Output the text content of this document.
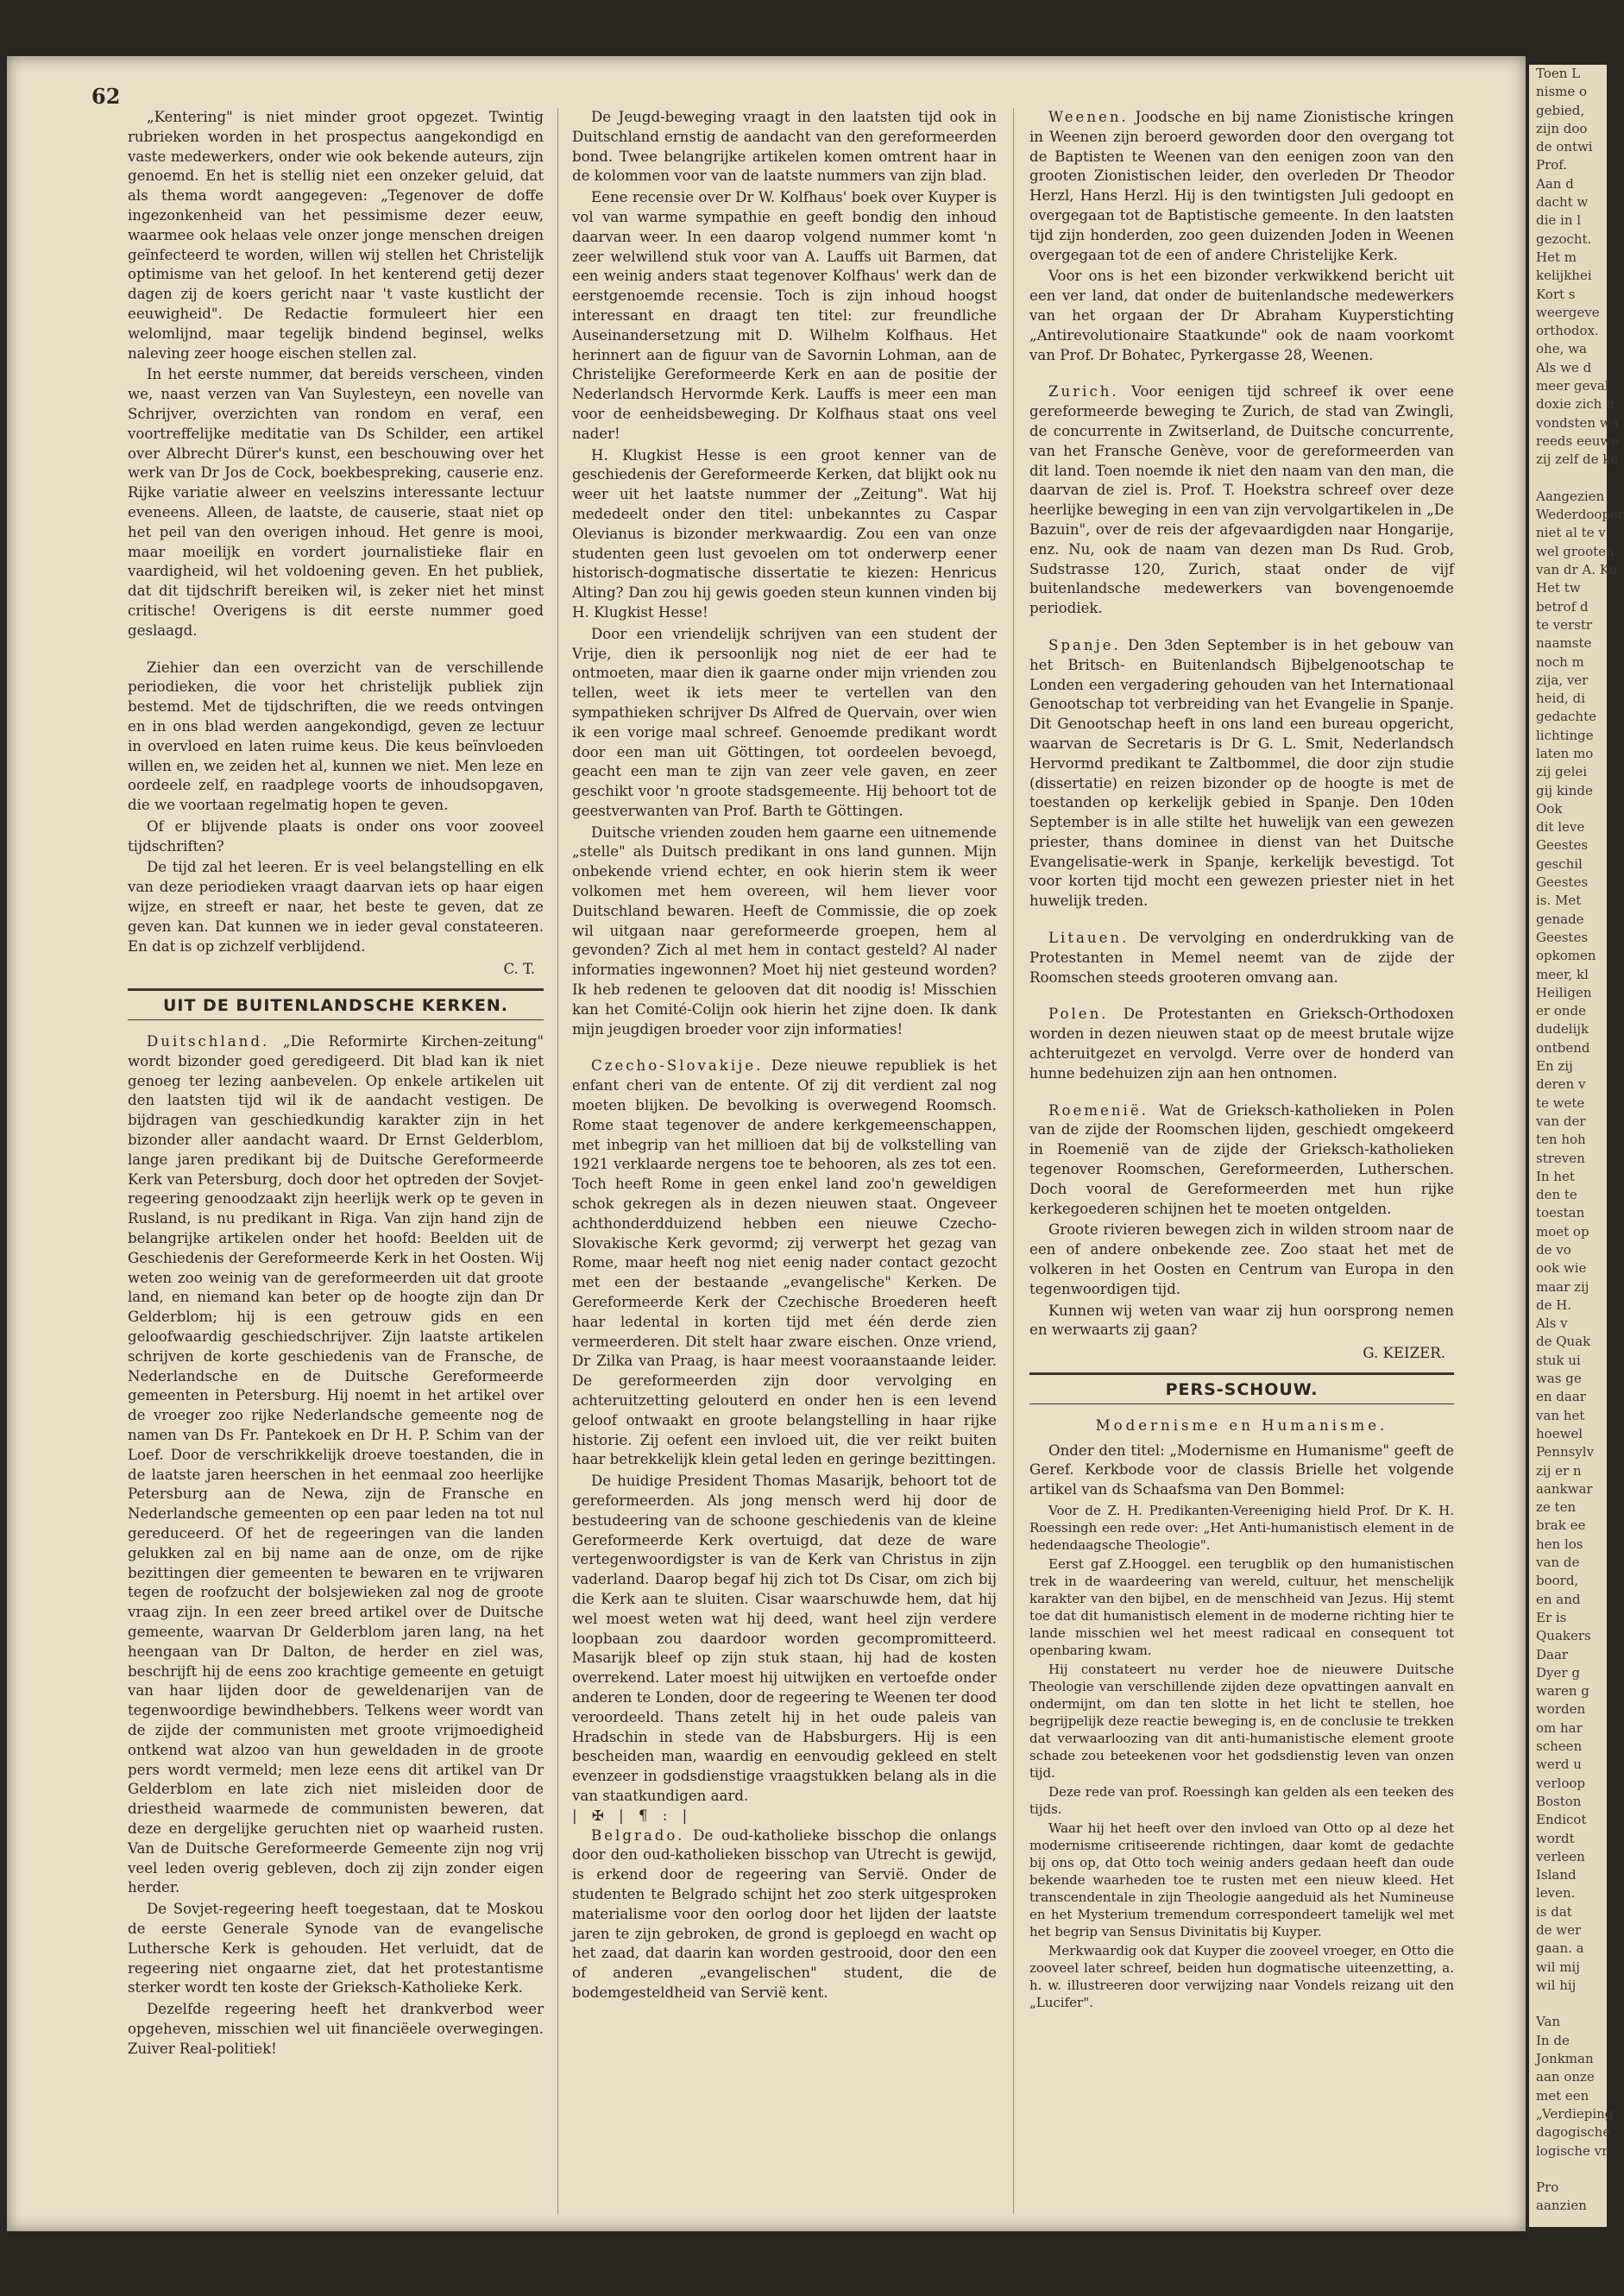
62

„Kentering" is niet minder groot opgezet. Twintig rubrieken worden in het prospectus aangekondigd en vaste medewerkers, onder wie ook bekende auteurs, zijn genoemd. En het is stellig niet een onzeker geluid, dat als thema wordt aangegeven: „Tegenover de doffe ingezonkenheid van het pessimisme dezer eeuw, waarmee ook helaas vele onzer jonge menschen dreigen geïnfecteerd te worden, willen wij stellen het Christelijk optimisme van het geloof. In het kenterend getij dezer dagen zij de koers gericht naar 't vaste kustlicht der eeuwigheid". De Redactie formuleert hier een welomlijnd, maar tegelijk bindend beginsel, welks naleving zeer hooge eischen stellen zal.

In het eerste nummer, dat bereids verscheen, vinden we, naast verzen van Van Suylesteyn, een novelle van Schrijver, overzichten van rondom en veraf, een voortreffelijke meditatie van Ds Schilder, een artikel over Albrecht Dürer's kunst, een beschouwing over het werk van Dr Jos de Cock, boekbespreking, causerie enz. Rijke variatie alweer en veelszins interessante lectuur eveneens. Alleen, de laatste, de causerie, staat niet op het peil van den overigen inhoud. Het genre is mooi, maar moeilijk en vordert journalistieke flair en vaardigheid, wil het voldoening geven. En het publiek, dat dit tijdschrift bereiken wil, is zeker niet het minst critische! Overigens is dit eerste nummer goed geslaagd.

Ziehier dan een overzicht van de verschillende periodieken, die voor het christelijk publiek zijn bestemd. Met de tijdschriften, die we reeds ontvingen en in ons blad werden aangekondigd, geven ze lectuur in overvloed en laten ruime keus. Die keus beïnvloeden willen en, we zeiden het al, kunnen we niet. Men leze en oordeele zelf, en raadplege voorts de inhoudsopgaven, die we voortaan regelmatig hopen te geven.

Of er blijvende plaats is onder ons voor zooveel tijdschriften?

De tijd zal het leeren. Er is veel belangstelling en elk van deze periodieken vraagt daarvan iets op haar eigen wijze, en streeft er naar, het beste te geven, dat ze geven kan. Dat kunnen we in ieder geval constateeren. En dat is op zichzelf verblijdend.

C. T.
UIT DE BUITENLANDSCHE KERKEN.

Duitschland. „Die Reformirte Kirchen-zeitung" wordt bizonder goed geredigeerd. Dit blad kan ik niet genoeg ter lezing aanbevelen. Op enkele artikelen uit den laatsten tijd wil ik de aandacht vestigen. De bijdragen van geschiedkundig karakter zijn in het bizonder aller aandacht waard. Dr Ernst Gelderblom, lange jaren predikant bij de Duitsche Gereformeerde Kerk van Petersburg, doch door het optreden der Sovjet-regeering genoodzaakt zijn heerlijk werk op te geven in Rusland, is nu predikant in Riga. Van zijn hand zijn de belangrijke artikelen onder het hoofd: Beelden uit de Geschiedenis der Gereformeerde Kerk in het Oosten. Wij weten zoo weinig van de gereformeerden uit dat groote land, en niemand kan beter op de hoogte zijn dan Dr Gelderblom; hij is een getrouw gids en een geloofwaardig geschiedschrijver. Zijn laatste artikelen schrijven de korte geschiedenis van de Fransche, de Nederlandsche en de Duitsche Gereformeerde gemeenten in Petersburg. Hij noemt in het artikel over de vroeger zoo rijke Nederlandsche gemeente nog de namen van Ds Fr. Pantekoek en Dr H. P. Schim van der Loef. Door de verschrikkelijk droeve toestanden, die in de laatste jaren heerschen in het eenmaal zoo heerlijke Petersburg aan de Newa, zijn de Fransche en Nederlandsche gemeenten op een paar leden na tot nul gereduceerd. Of het de regeeringen van die landen gelukken zal en bij name aan de onze, om de rijke bezittingen dier gemeenten te bewaren en te vrijwaren tegen de roofzucht der bolsjewieken zal nog de groote vraag zijn. In een zeer breed artikel over de Duitsche gemeente, waarvan Dr Gelderblom jaren lang, na het heengaan van Dr Dalton, de herder en ziel was, beschrijft hij de eens zoo krachtige gemeente en getuigt van haar lijden door de geweldenarijen van de tegenwoordige bewindhebbers. Telkens weer wordt van de zijde der communisten met groote vrijmoedigheid ontkend wat alzoo van hun geweldaden in de groote pers wordt vermeld; men leze eens dit artikel van Dr Gelderblom en late zich niet misleiden door de driestheid waarmede de communisten beweren, dat deze en dergelijke geruchten niet op waarheid rusten. Van de Duitsche Gereformeerde Gemeente zijn nog vrij veel leden overig gebleven, doch zij zijn zonder eigen herder.

De Sovjet-regeering heeft toegestaan, dat te Moskou de eerste Generale Synode van de evangelische Luthersche Kerk is gehouden. Het verluidt, dat de regeering niet ongaarne ziet, dat het protestantisme sterker wordt ten koste der Grieksch-Katholieke Kerk.

Dezelfde regeering heeft het drankverbod weer opgeheven, misschien wel uit financiëele overwegingen. Zuiver Real-politiek!

De Jeugd-beweging vraagt in den laatsten tijd ook in Duitschland ernstig de aandacht van den gereformeerden bond. Twee belangrijke artikelen komen omtrent haar in de kolommen voor van de laatste nummers van zijn blad.

Eene recensie over Dr W. Kolfhaus' boek over Kuyper is vol van warme sympathie en geeft bondig den inhoud daarvan weer. In een daarop volgend nummer komt 'n zeer welwillend stuk voor van A. Lauffs uit Barmen, dat een weinig anders staat tegenover Kolfhaus' werk dan de eerstgenoemde recensie. Toch is zijn inhoud hoogst interessant en draagt ten titel: zur freundliche Auseinandersetzung mit D. Wilhelm Kolfhaus. Het herinnert aan de figuur van de Savornin Lohman, aan de Christelijke Gereformeerde Kerk en aan de positie der Nederlandsch Hervormde Kerk. Lauffs is meer een man voor de eenheidsbeweging. Dr Kolfhaus staat ons veel nader!

H. Klugkist Hesse is een groot kenner van de geschiedenis der Gereformeerde Kerken, dat blijkt ook nu weer uit het laatste nummer der „Zeitung". Wat hij mededeelt onder den titel: unbekanntes zu Caspar Olevianus is bizonder merkwaardig. Zou een van onze studenten geen lust gevoelen om tot onderwerp eener historisch-dogmatische dissertatie te kiezen: Henricus Alting? Dan zou hij gewis goeden steun kunnen vinden bij H. Klugkist Hesse!

Door een vriendelijk schrijven van een student der Vrije, dien ik persoonlijk nog niet de eer had te ontmoeten, maar dien ik gaarne onder mijn vrienden zou tellen, weet ik iets meer te vertellen van den sympathieken schrijver Ds Alfred de Quervain, over wien ik een vorige maal schreef. Genoemde predikant wordt door een man uit Göttingen, tot oordeelen bevoegd, geacht een man te zijn van zeer vele gaven, en zeer geschikt voor 'n groote stadsgemeente. Hij behoort tot de geestverwanten van Prof. Barth te Göttingen.

Duitsche vrienden zouden hem gaarne een uitnemende „stelle" als Duitsch predikant in ons land gunnen. Mijn onbekende vriend echter, en ook hierin stem ik weer volkomen met hem overeen, wil hem liever voor Duitschland bewaren. Heeft de Commissie, die op zoek wil uitgaan naar gereformeerde groepen, hem al gevonden? Zich al met hem in contact gesteld? Al nader informaties ingewonnen? Moet hij niet gesteund worden? Ik heb redenen te gelooven dat dit noodig is! Misschien kan het Comité-Colijn ook hierin het zijne doen. Ik dank mijn jeugdigen broeder voor zijn informaties!

Czecho-Slovakije. Deze nieuwe republiek is het enfant cheri van de entente. Of zij dit verdient zal nog moeten blijken. De bevolking is overwegend Roomsch. Rome staat tegenover de andere kerkgemeenschappen, met inbegrip van het millioen dat bij de volkstelling van 1921 verklaarde nergens toe te behooren, als zes tot een. Toch heeft Rome in geen enkel land zoo'n geweldigen schok gekregen als in dezen nieuwen staat. Ongeveer achthonderdduizend hebben een nieuwe Czecho-Slovakische Kerk gevormd; zij verwerpt het gezag van Rome, maar heeft nog niet eenig nader contact gezocht met een der bestaande „evangelische" Kerken. De Gereformeerde Kerk der Czechische Broederen heeft haar ledental in korten tijd met één derde zien vermeerderen. Dit stelt haar zware eischen. Onze vriend, Dr Zilka van Praag, is haar meest vooraanstaande leider. De gereformeerden zijn door vervolging en achteruitzetting gelouterd en onder hen is een levend geloof ontwaakt en groote belangstelling in haar rijke historie. Zij oefent een invloed uit, die ver reikt buiten haar betrekkelijk klein getal leden en geringe bezittingen.

De huidige President Thomas Masarijk, behoort tot de gereformeerden. Als jong mensch werd hij door de bestudeering van de schoone geschiedenis van de kleine Gereformeerde Kerk overtuigd, dat deze de ware vertegenwoordigster is van de Kerk van Christus in zijn vaderland. Daarop begaf hij zich tot Ds Cisar, om zich bij die Kerk aan te sluiten. Cisar waarschuwde hem, dat hij wel moest weten wat hij deed, want heel zijn verdere loopbaan zou daardoor worden gecompromitteerd. Masarijk bleef op zijn stuk staan, hij had de kosten overrekend. Later moest hij uitwijken en vertoefde onder anderen te Londen, door de regeering te Weenen ter dood veroordeeld. Thans zetelt hij in het oude paleis van Hradschin in stede van de Habsburgers. Hij is een bescheiden man, waardig en eenvoudig gekleed en stelt evenzeer in godsdienstige vraagstukken belang als in die van staatkundigen aard.

| ✠ | ¶ : |

Belgrado. De oud-katholieke bisschop die onlangs door den oud-katholieken bisschop van Utrecht is gewijd, is erkend door de regeering van Servië. Onder de studenten te Belgrado schijnt het zoo sterk uitgesproken materialisme voor den oorlog door het lijden der laatste jaren te zijn gebroken, de grond is geploegd en wacht op het zaad, dat daarin kan worden gestrooid, door den een of anderen „evangelischen" student, die de bodemgesteldheid van Servië kent.

Weenen. Joodsche en bij name Zionistische kringen in Weenen zijn beroerd geworden door den overgang tot de Baptisten te Weenen van den eenigen zoon van den grooten Zionistischen leider, den overleden Dr Theodor Herzl, Hans Herzl. Hij is den twintigsten Juli gedoopt en overgegaan tot de Baptistische gemeente. In den laatsten tijd zijn honderden, zoo geen duizenden Joden in Weenen overgegaan tot de een of andere Christelijke Kerk.

Voor ons is het een bizonder verkwikkend bericht uit een ver land, dat onder de buitenlandsche medewerkers van het orgaan der Dr Abraham Kuyperstichting „Antirevolutionaire Staatkunde" ook de naam voorkomt van Prof. Dr Bohatec, Pyrkergasse 28, Weenen.

Zurich. Voor eenigen tijd schreef ik over eene gereformeerde beweging te Zurich, de stad van Zwingli, de concurrente in Zwitserland, de Duitsche concurrente, van het Fransche Genève, voor de gereformeerden van dit land. Toen noemde ik niet den naam van den man, die daarvan de ziel is. Prof. T. Hoekstra schreef over deze heerlijke beweging in een van zijn vervolgartikelen in „De Bazuin", over de reis der afgevaardigden naar Hongarije, enz. Nu, ook de naam van dezen man Ds Rud. Grob, Sudstrasse 120, Zurich, staat onder de vijf buitenlandsche medewerkers van bovengenoemde periodiek.

Spanje. Den 3den September is in het gebouw van het Britsch- en Buitenlandsch Bijbelgenootschap te Londen een vergadering gehouden van het Internationaal Genootschap tot verbreiding van het Evangelie in Spanje. Dit Genootschap heeft in ons land een bureau opgericht, waarvan de Secretaris is Dr G. L. Smit, Nederlandsch Hervormd predikant te Zaltbommel, die door zijn studie (dissertatie) en reizen bizonder op de hoogte is met de toestanden op kerkelijk gebied in Spanje. Den 10den September is in alle stilte het huwelijk van een gewezen priester, thans dominee in dienst van het Duitsche Evangelisatie-werk in Spanje, kerkelijk bevestigd. Tot voor korten tijd mocht een gewezen priester niet in het huwelijk treden.

Litauen. De vervolging en onderdrukking van de Protestanten in Memel neemt van de zijde der Roomschen steeds grooteren omvang aan.

Polen. De Protestanten en Grieksch-Orthodoxen worden in dezen nieuwen staat op de meest brutale wijze achteruitgezet en vervolgd. Verre over de honderd van hunne bedehuizen zijn aan hen ontnomen.

Roemenië. Wat de Grieksch-katholieken in Polen van de zijde der Roomschen lijden, geschiedt omgekeerd in Roemenië van de zijde der Grieksch-katholieken tegenover Roomschen, Gereformeerden, Lutherschen. Doch vooral de Gereformeerden met hun rijke kerkegoederen schijnen het te moeten ontgelden.

Groote rivieren bewegen zich in wilden stroom naar de een of andere onbekende zee. Zoo staat het met de volkeren in het Oosten en Centrum van Europa in den tegenwoordigen tijd.

Kunnen wij weten van waar zij hun oorsprong nemen en werwaarts zij gaan?

G. KEIZER.
PERS-SCHOUW.
Modernisme en Humanisme.

Onder den titel: „Modernisme en Humanisme" geeft de Geref. Kerkbode voor de classis Brielle het volgende artikel van ds Schaafsma van Den Bommel:

Voor de Z. H. Predikanten-Vereeniging hield Prof. Dr K. H. Roessingh een rede over: „Het Anti-humanistisch element in de hedendaagsche Theologie".

Eerst gaf Z.Hooggel. een terugblik op den humanistischen trek in de waardeering van wereld, cultuur, het menschelijk karakter van den bijbel, en de menschheid van Jezus. Hij stemt toe dat dit humanistisch element in de moderne richting hier te lande misschien wel het meest radicaal en consequent tot openbaring kwam.

Hij constateert nu verder hoe de nieuwere Duitsche Theologie van verschillende zijden deze opvattingen aanvalt en ondermijnt, om dan ten slotte in het licht te stellen, hoe begrijpelijk deze reactie beweging is, en de conclusie te trekken dat verwaarloozing van dit anti-humanistische element groote schade zou beteekenen voor het godsdienstig leven van onzen tijd.

Deze rede van prof. Roessingh kan gelden als een teeken des tijds.

Waar hij het heeft over den invloed van Otto op al deze het modernisme critiseerende richtingen, daar komt de gedachte bij ons op, dat Otto toch weinig anders gedaan heeft dan oude bekende waarheden toe te rusten met een nieuw kleed. Het transcendentale in zijn Theologie aangeduid als het Numineuse en het Mysterium tremendum correspondeert tamelijk wel met het begrip van Sensus Divinitatis bij Kuyper.

Merkwaardig ook dat Kuyper die zooveel vroeger, en Otto die zooveel later schreef, beiden hun dogmatische uiteenzetting, a. h. w. illustreeren door verwijzing naar Vondels reizang uit den „Lucifer".

Toen L
nisme o
gebied,
zijn doo
de ontwi
Prof.
Aan d
dacht w
die in l
gezocht.
Het m
kelijkhei
Kort s
weergeve
orthodox.
ohe, wa
Als we d
meer geval
doxie zich h
vondsten wa
reeds eeuwe
zij zelf de ke

Aangezien
Wederdooper
niet al te v
wel grooten
van dr A. Ku
Het tw
betrof d
te verstr
naamste
noch m
zija, ver
heid, di
gedachte
lichtinge
laten mo
zij gelei
gij kinde
Ook
dit leve
Geestes
geschil
Geestes
is. Met
genade
Geestes
opkomen
meer, kl
Heiligen
er onde
dudelijk
ontbend
En zij
deren v
te wete
van der
ten hoh
streven
In het
den te
toestan
moet op
de vo
ook wie
maar zij
de H.
Als v
de Quak
stuk ui
was ge
en daar
van het
hoewel
Pennsylv
zij er n
aankwar
ze ten
brak ee
hen los
van de
boord,
en and
Er is
Quakers
Daar
Dyer g
waren g
worden
om har
scheen
werd u
verloop
Boston
Endicot
wordt
verleen
Island
leven.
is dat
de wer
gaan. a
wil mij
wil hij

Van
In de
Jonkman
aan onze
met een
„Verdieping
dagogische
logische vr

Pro
aanzien
